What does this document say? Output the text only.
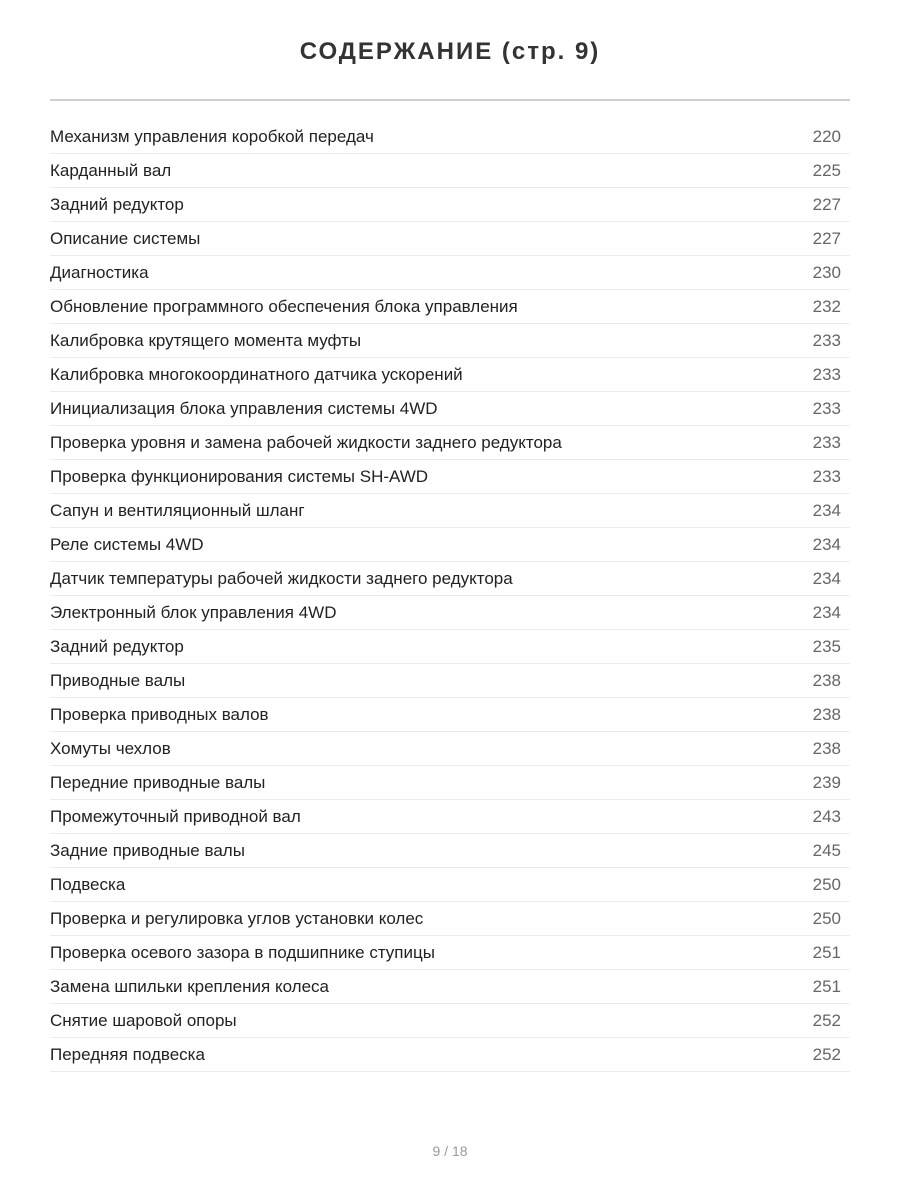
СОДЕРЖАНИЕ (стр. 9)
Механизм управления коробкой передач	220
Карданный вал	225
Задний редуктор	227
Описание системы	227
Диагностика	230
Обновление программного обеспечения блока управления	232
Калибровка крутящего момента муфты	233
Калибровка многокоординатного датчика ускорений	233
Инициализация блока управления системы 4WD	233
Проверка уровня и замена рабочей жидкости заднего редуктора	233
Проверка функционирования системы SH-AWD	233
Сапун и вентиляционный шланг	234
Реле системы 4WD	234
Датчик температуры рабочей жидкости заднего редуктора	234
Электронный блок управления 4WD	234
Задний редуктор	235
Приводные валы	238
Проверка приводных валов	238
Хомуты чехлов	238
Передние приводные валы	239
Промежуточный приводной вал	243
Задние приводные валы	245
Подвеска	250
Проверка и регулировка углов установки колес	250
Проверка осевого зазора в подшипнике ступицы	251
Замена шпильки крепления колеса	251
Снятие шаровой опоры	252
Передняя подвеска	252
9 / 18
